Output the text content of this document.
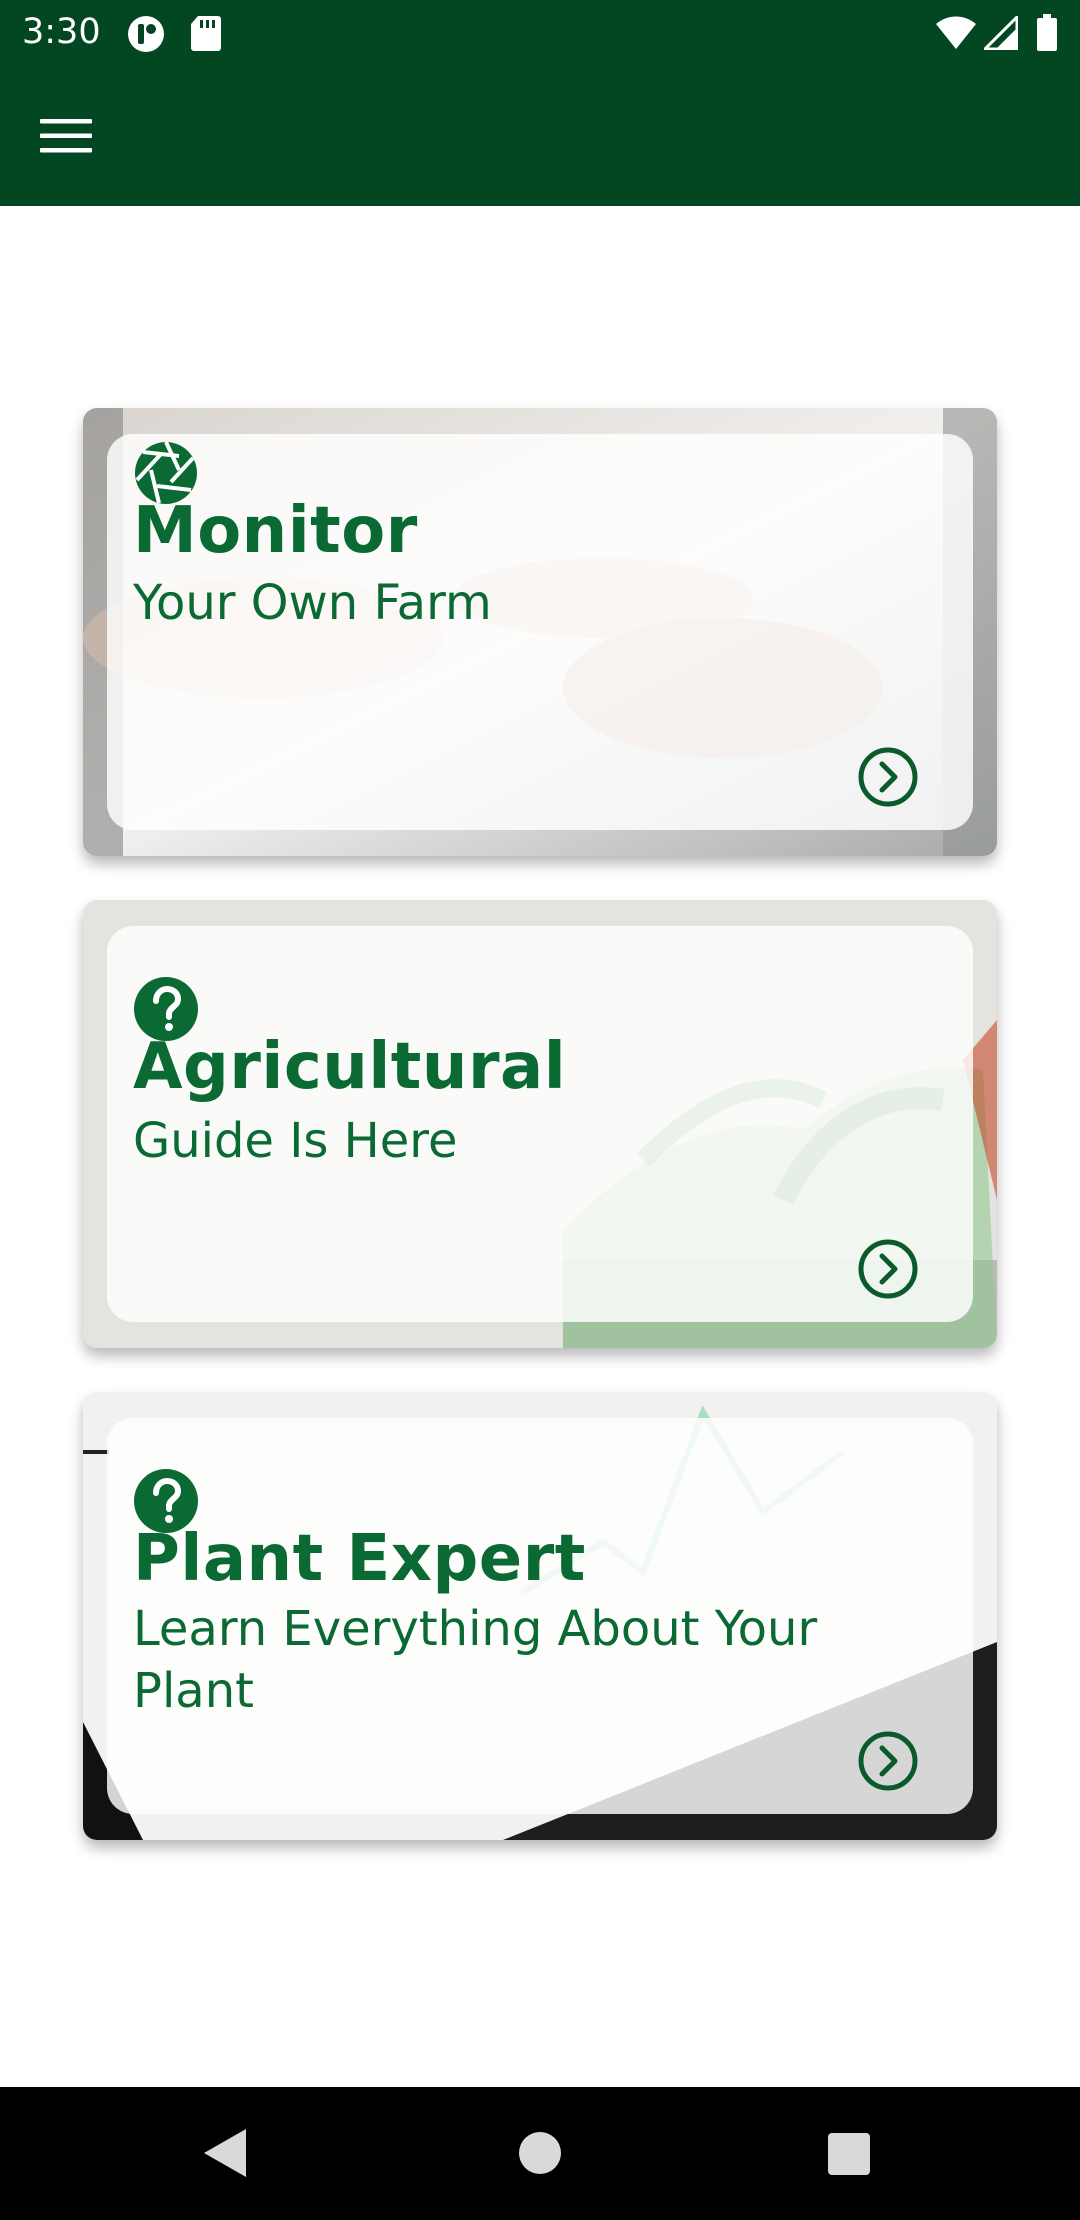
3:30
Monitor
Your Own Farm
Agricultural
Guide Is Here
Plant Expert
Learn Everything About Your Plant
